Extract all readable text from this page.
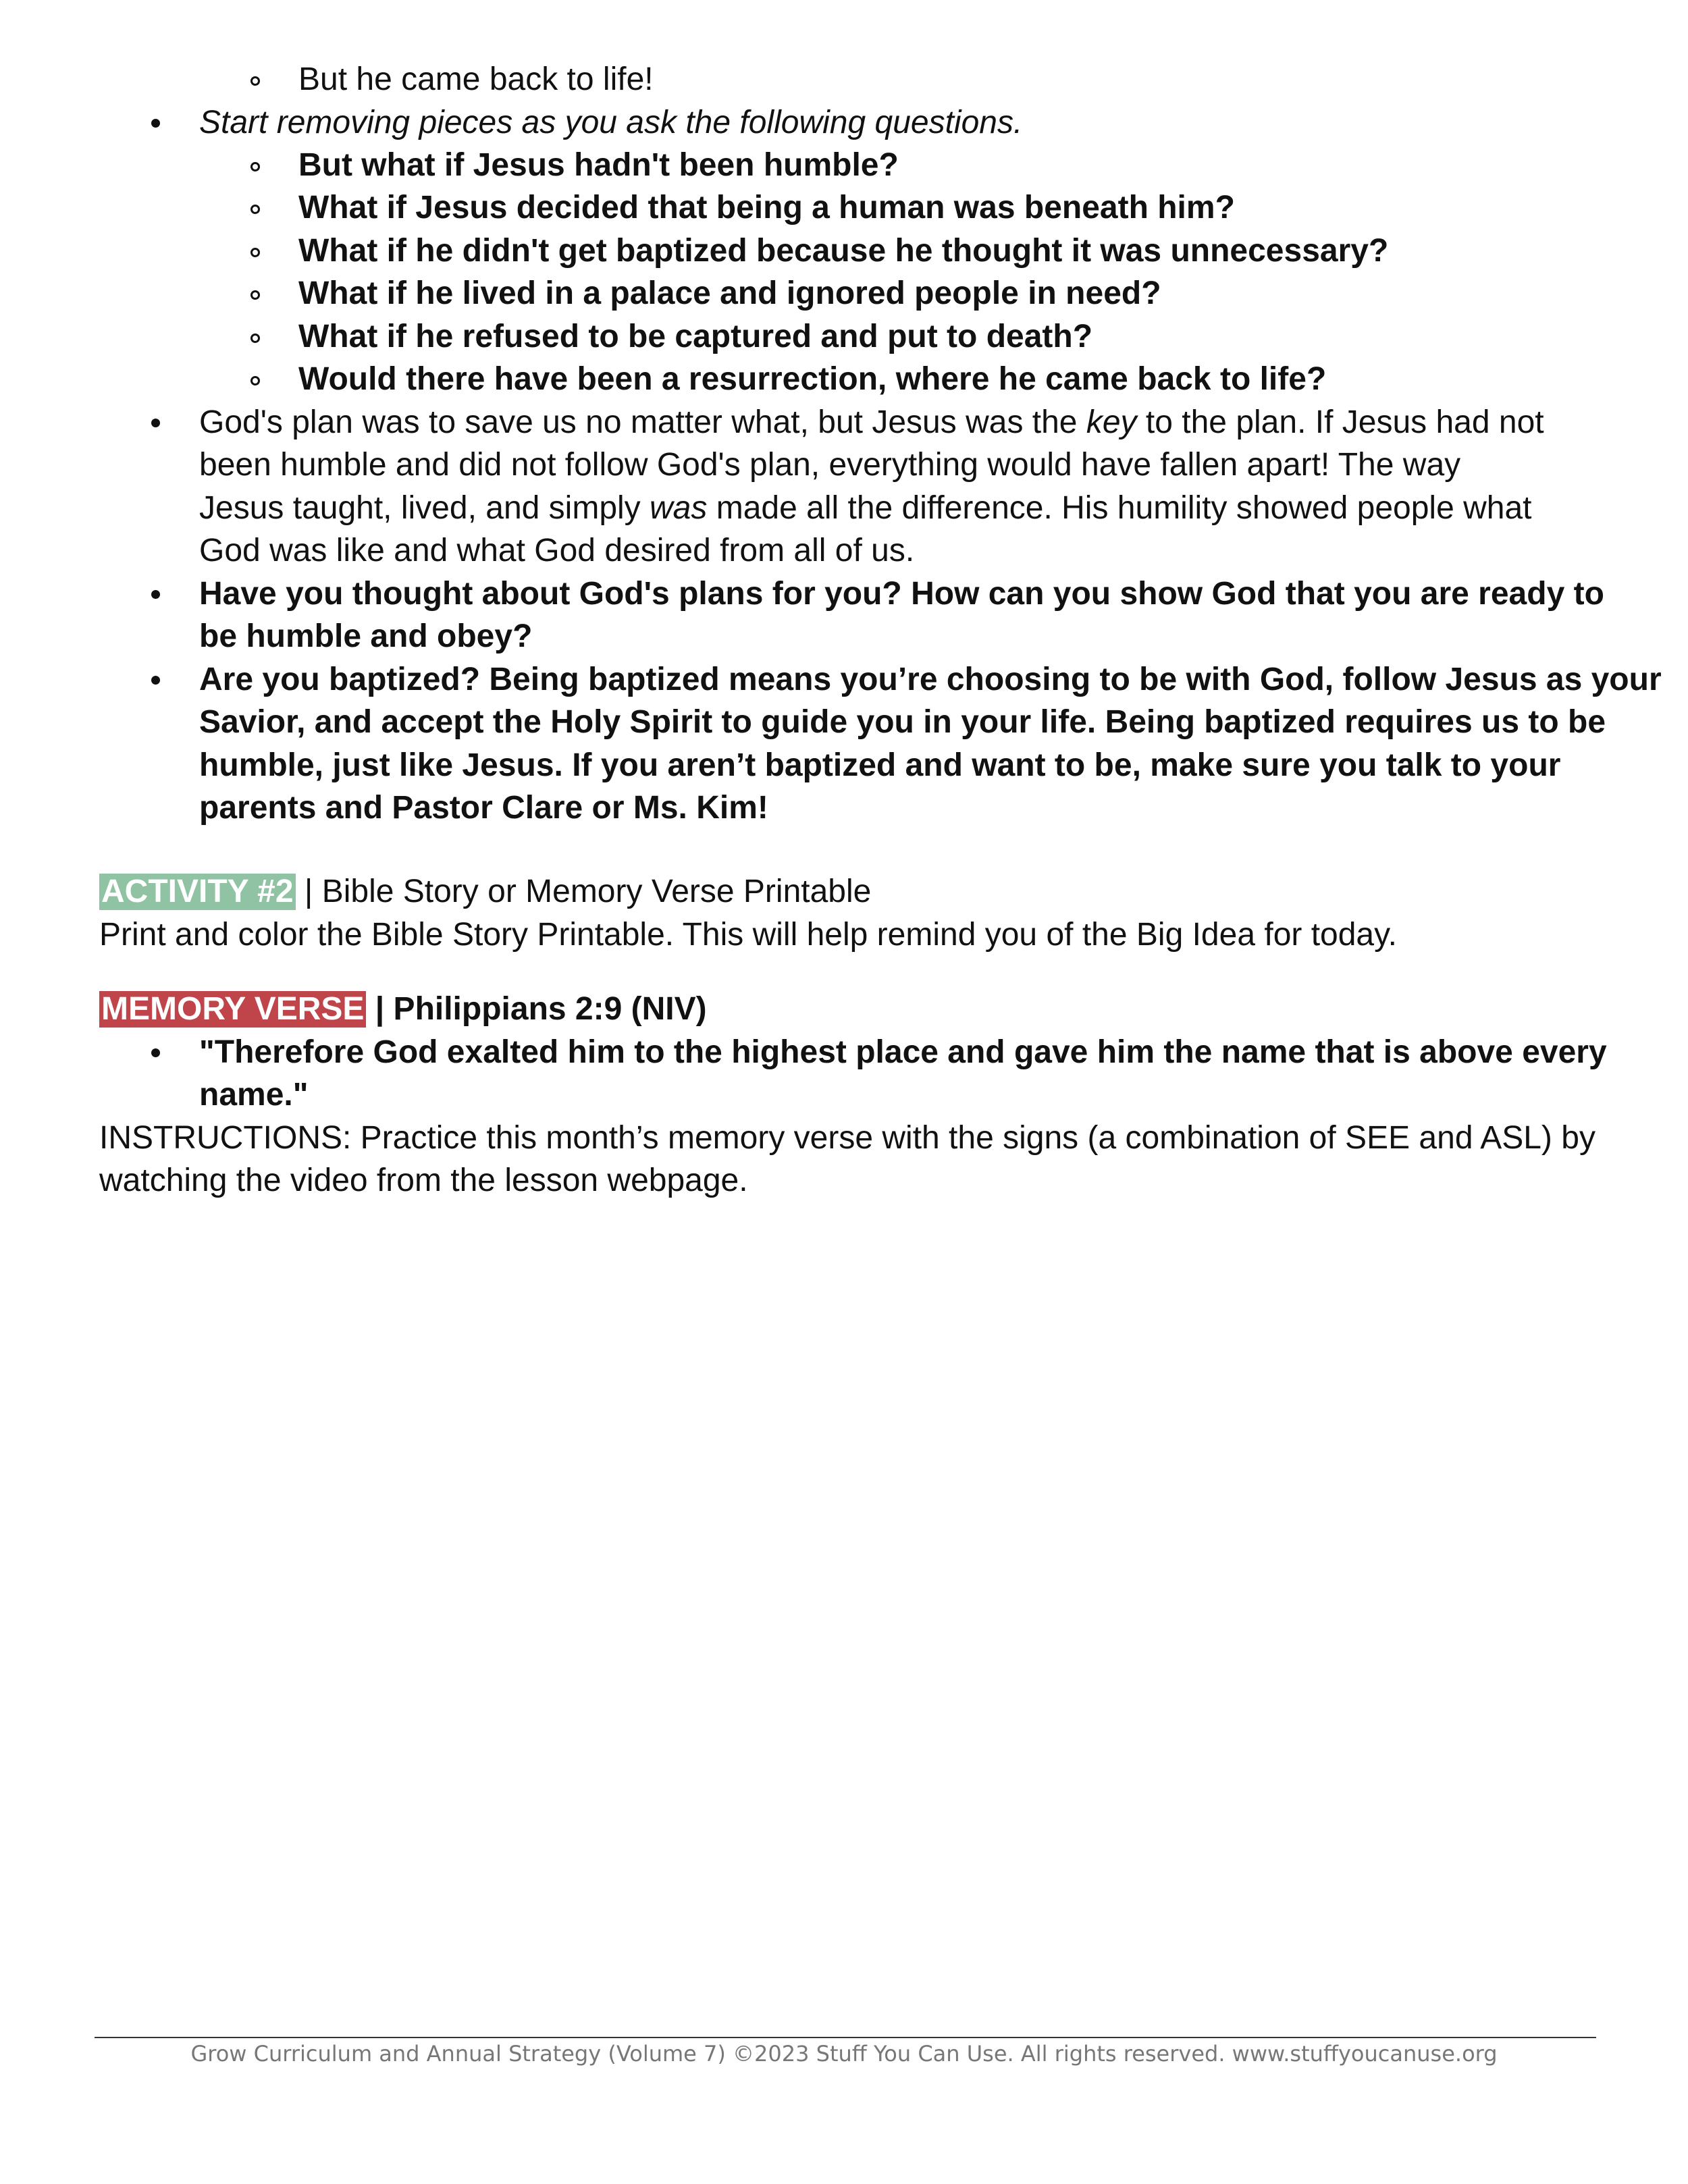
But he came back to life!
Start removing pieces as you ask the following questions.
But what if Jesus hadn't been humble?
What if Jesus decided that being a human was beneath him?
What if he didn't get baptized because he thought it was unnecessary?
What if he lived in a palace and ignored people in need?
What if he refused to be captured and put to death?
Would there have been a resurrection, where he came back to life?
God's plan was to save us no matter what, but Jesus was the key to the plan. If Jesus had not
been humble and did not follow God's plan, everything would have fallen apart! The way
Jesus taught, lived, and simply was made all the difference. His humility showed people what
God was like and what God desired from all of us.
Have you thought about God's plans for you? How can you show God that you are ready to
be humble and obey?
Are you baptized? Being baptized means you’re choosing to be with God, follow Jesus as your
Savior, and accept the Holy Spirit to guide you in your life. Being baptized requires us to be
humble, just like Jesus. If you aren’t baptized and want to be, make sure you talk to your
parents and Pastor Clare or Ms. Kim!
ACTIVITY #2 | Bible Story or Memory Verse Printable
Print and color the Bible Story Printable. This will help remind you of the Big Idea for today.
MEMORY VERSE | Philippians 2:9 (NIV)
"Therefore God exalted him to the highest place and gave him the name that is above every
name."
INSTRUCTIONS: Practice this month’s memory verse with the signs (a combination of SEE and ASL) by
watching the video from the lesson webpage.
Grow Curriculum and Annual Strategy (Volume 7) ©2023 Stuff You Can Use. All rights reserved. www.stuffyoucanuse.org
